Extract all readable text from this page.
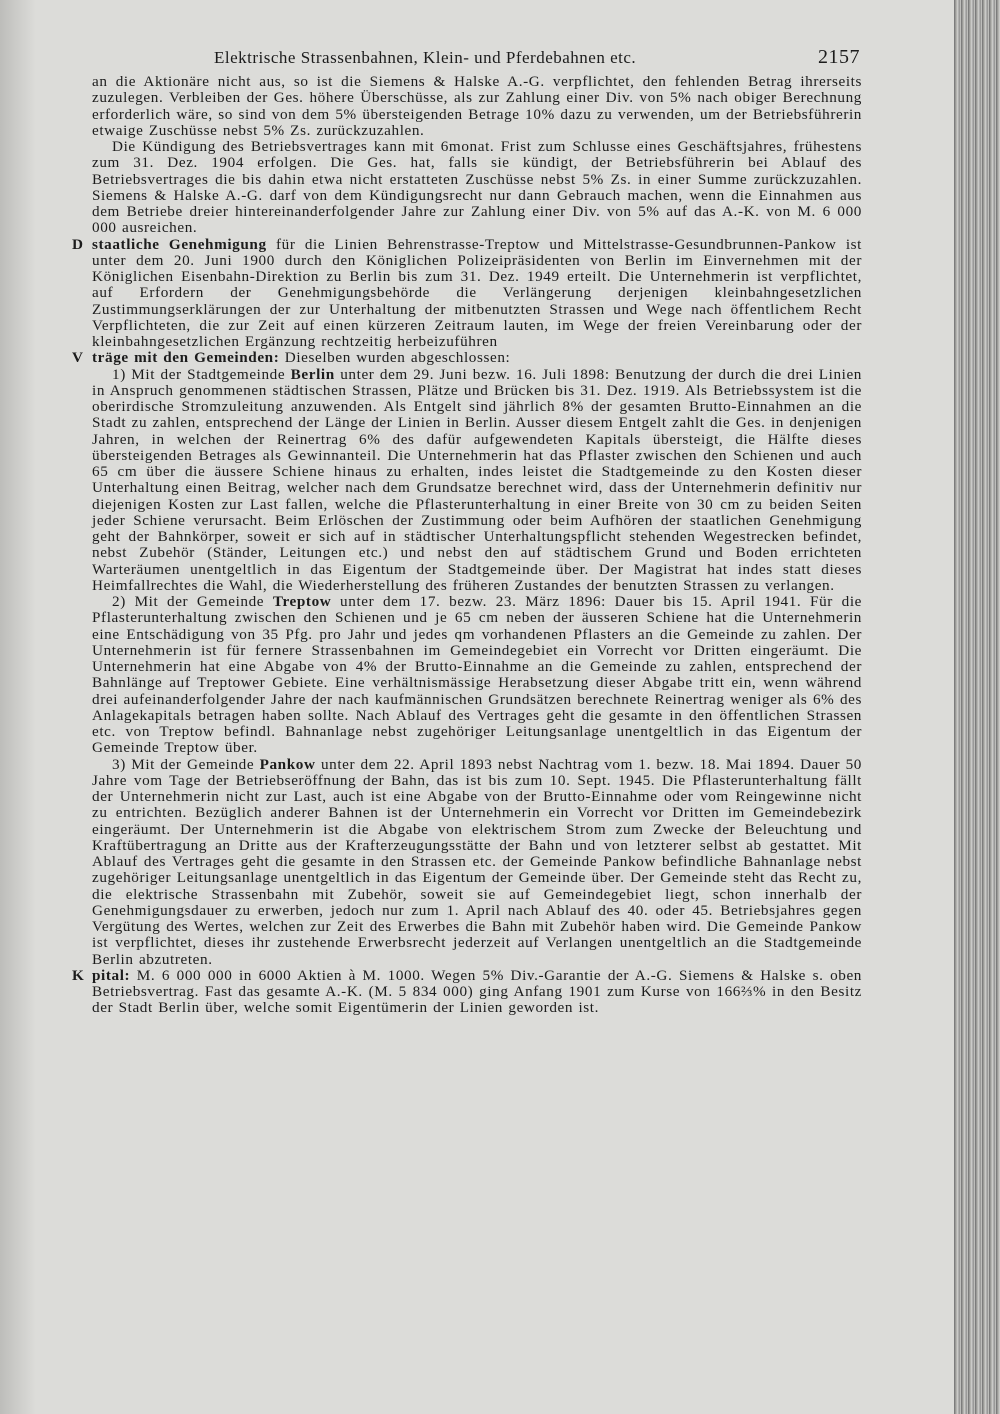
Elektrische Strassenbahnen, Klein- und Pferdebahnen etc.	2157

an die Aktionäre nicht aus, so ist die Siemens & Halske A.-G. verpflichtet, den fehlenden Betrag ihrerseits zuzulegen. Verbleiben der Ges. höhere Überschüsse, als zur Zahlung einer Div. von 5% nach obiger Berechnung erforderlich wäre, so sind von dem 5% übersteigenden Betrage 10% dazu zu verwenden, um der Betriebsführerin etwaige Zuschüsse nebst 5% Zs. zurückzuzahlen.

Die Kündigung des Betriebsvertrages kann mit 6monat. Frist zum Schlusse eines Geschäftsjahres, frühestens zum 31. Dez. 1904 erfolgen. Die Ges. hat, falls sie kündigt, der Betriebsführerin bei Ablauf des Betriebsvertrages die bis dahin etwa nicht erstatteten Zuschüsse nebst 5% Zs. in einer Summe zurückzuzahlen. Siemens & Halske A.-G. darf von dem Kündigungsrecht nur dann Gebrauch machen, wenn die Einnahmen aus dem Betriebe dreier hintereinanderfolgender Jahre zur Zahlung einer Div. von 5% auf das A.-K. von M. 6 000 000 ausreichen.

D staatliche Genehmigung für die Linien Behrenstrasse-Treptow und Mittelstrasse-Gesundbrunnen-Pankow ist unter dem 20. Juni 1900 durch den Königlichen Polizeipräsidenten von Berlin im Einvernehmen mit der Königlichen Eisenbahn-Direktion zu Berlin bis zum 31. Dez. 1949 erteilt. Die Unternehmerin ist verpflichtet, auf Erfordern der Genehmigungsbehörde die Verlängerung derjenigen kleinbahngesetzlichen Zustimmungserklärungen der zur Unterhaltung der mitbenutzten Strassen und Wege nach öffentlichem Recht Verpflichteten, die zur Zeit auf einen kürzeren Zeitraum lauten, im Wege der freien Vereinbarung oder der kleinbahngesetzlichen Ergänzung rechtzeitig herbeizuführen

V träge mit den Gemeinden: Dieselben wurden abgeschlossen:

1) Mit der Stadtgemeinde Berlin unter dem 29. Juni bezw. 16. Juli 1898: Benutzung der durch die drei Linien in Anspruch genommenen städtischen Strassen, Plätze und Brücken bis 31. Dez. 1919. Als Betriebssystem ist die oberirdische Stromzuleitung anzuwenden. Als Entgelt sind jährlich 8% der gesamten Brutto-Einnahmen an die Stadt zu zahlen, entsprechend der Länge der Linien in Berlin. Ausser diesem Entgelt zahlt die Ges. in denjenigen Jahren, in welchen der Reinertrag 6% des dafür aufgewendeten Kapitals übersteigt, die Hälfte dieses übersteigenden Betrages als Gewinnanteil. Die Unternehmerin hat das Pflaster zwischen den Schienen und auch 65 cm über die äussere Schiene hinaus zu erhalten, indes leistet die Stadtgemeinde zu den Kosten dieser Unterhaltung einen Beitrag, welcher nach dem Grundsatze berechnet wird, dass der Unternehmerin definitiv nur diejenigen Kosten zur Last fallen, welche die Pflasterunterhaltung in einer Breite von 30 cm zu beiden Seiten jeder Schiene verursacht. Beim Erlöschen der Zustimmung oder beim Aufhören der staatlichen Genehmigung geht der Bahnkörper, soweit er sich auf in städtischer Unterhaltungspflicht stehenden Wegestrecken befindet, nebst Zubehör (Ständer, Leitungen etc.) und nebst den auf städtischem Grund und Boden errichteten Warteräumen unentgeltlich in das Eigentum der Stadtgemeinde über. Der Magistrat hat indes statt dieses Heimfallrechtes die Wahl, die Wiederherstellung des früheren Zustandes der benutzten Strassen zu verlangen.

2) Mit der Gemeinde Treptow unter dem 17. bezw. 23. März 1896: Dauer bis 15. April 1941. Für die Pflasterunterhaltung zwischen den Schienen und je 65 cm neben der äusseren Schiene hat die Unternehmerin eine Entschädigung von 35 Pfg. pro Jahr und jedes qm vorhandenen Pflasters an die Gemeinde zu zahlen. Der Unternehmerin ist für fernere Strassenbahnen im Gemeindegebiet ein Vorrecht vor Dritten eingeräumt. Die Unternehmerin hat eine Abgabe von 4% der Brutto-Einnahme an die Gemeinde zu zahlen, entsprechend der Bahnlänge auf Treptower Gebiete. Eine verhältnismässige Herabsetzung dieser Abgabe tritt ein, wenn während drei aufeinanderfolgender Jahre der nach kaufmännischen Grundsätzen berechnete Reinertrag weniger als 6% des Anlagekapitals betragen haben sollte. Nach Ablauf des Vertrages geht die gesamte in den öffentlichen Strassen etc. von Treptow befindl. Bahnanlage nebst zugehöriger Leitungsanlage unentgeltlich in das Eigentum der Gemeinde Treptow über.

3) Mit der Gemeinde Pankow unter dem 22. April 1893 nebst Nachtrag vom 1. bezw. 18. Mai 1894. Dauer 50 Jahre vom Tage der Betriebseröffnung der Bahn, das ist bis zum 10. Sept. 1945. Die Pflasterunterhaltung fällt der Unternehmerin nicht zur Last, auch ist eine Abgabe von der Brutto-Einnahme oder vom Reingewinne nicht zu entrichten. Bezüglich anderer Bahnen ist der Unternehmerin ein Vorrecht vor Dritten im Gemeindebezirk eingeräumt. Der Unternehmerin ist die Abgabe von elektrischem Strom zum Zwecke der Beleuchtung und Kraftübertragung an Dritte aus der Krafterzeugungsstätte der Bahn und von letzterer selbst ab gestattet. Mit Ablauf des Vertrages geht die gesamte in den Strassen etc. der Gemeinde Pankow befindliche Bahnanlage nebst zugehöriger Leitungsanlage unentgeltlich in das Eigentum der Gemeinde über. Der Gemeinde steht das Recht zu, die elektrische Strassenbahn mit Zubehör, soweit sie auf Gemeindegebiet liegt, schon innerhalb der Genehmigungsdauer zu erwerben, jedoch nur zum 1. April nach Ablauf des 40. oder 45. Betriebsjahres gegen Vergütung des Wertes, welchen zur Zeit des Erwerbes die Bahn mit Zubehör haben wird. Die Gemeinde Pankow ist verpflichtet, dieses ihr zustehende Erwerbsrecht jederzeit auf Verlangen unentgeltlich an die Stadtgemeinde Berlin abzutreten.

K pital: M. 6 000 000 in 6000 Aktien à M. 1000. Wegen 5% Div.-Garantie der A.-G. Siemens & Halske s. oben Betriebsvertrag. Fast das gesamte A.-K. (M. 5 834 000) ging Anfang 1901 zum Kurse von 166⅔% in den Besitz der Stadt Berlin über, welche somit Eigentümerin der Linien geworden ist.
